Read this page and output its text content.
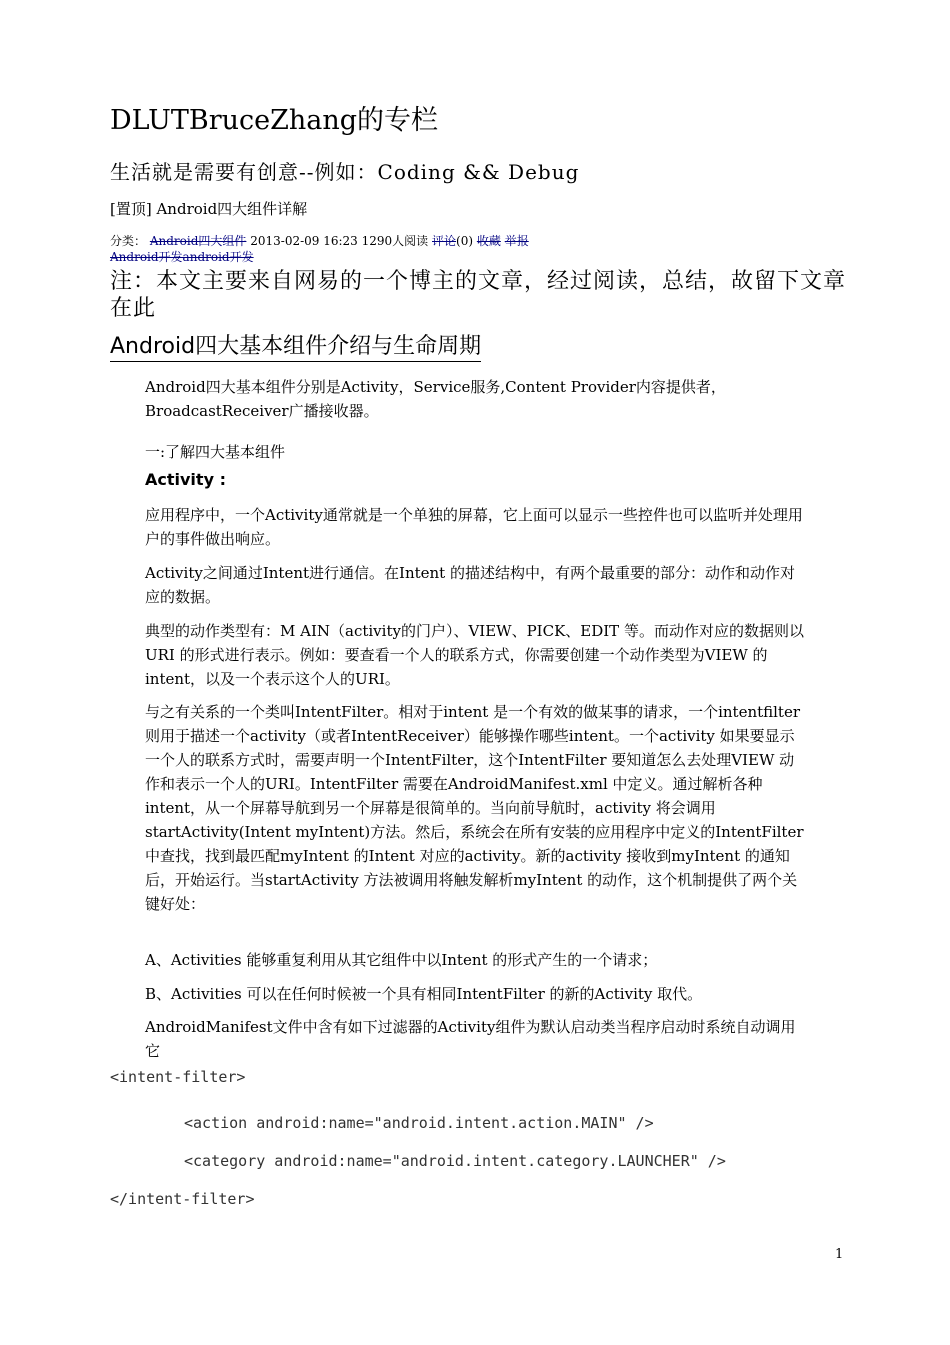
DLUTBruceZhang的专栏
生活就是需要有创意--例如：Coding && Debug
[置顶] Android四大组件详解
分类： Android四大组件 2013-02-09 16:23 1290人阅读 评论(0) 收藏 举报
Android开发android开发
注：本文主要来自网易的一个博主的文章，经过阅读，总结，故留下文章在此
Android四大基本组件介绍与生命周期
Android四大基本组件分别是Activity，Service服务,Content Provider内容提供者，BroadcastReceiver广播接收器。
一:了解四大基本组件
Activity :
应用程序中，一个Activity通常就是一个单独的屏幕，它上面可以显示一些控件也可以监听并处理用户的事件做出响应。
Activity之间通过Intent进行通信。在Intent 的描述结构中，有两个最重要的部分：动作和动作对应的数据。
典型的动作类型有：M AIN（activity的门户）、VIEW、PICK、EDIT 等。而动作对应的数据则以URI 的形式进行表示。例如：要查看一个人的联系方式，你需要创建一个动作类型为VIEW 的intent，以及一个表示这个人的URI。
与之有关系的一个类叫IntentFilter。相对于intent 是一个有效的做某事的请求，一个intentfilter 则用于描述一个activity（或者IntentReceiver）能够操作哪些intent。一个activity 如果要显示一个人的联系方式时，需要声明一个IntentFilter，这个IntentFilter 要知道怎么去处理VIEW 动作和表示一个人的URI。IntentFilter 需要在AndroidManifest.xml 中定义。通过解析各种intent，从一个屏幕导航到另一个屏幕是很简单的。当向前导航时，activity 将会调用startActivity(Intent myIntent)方法。然后，系统会在所有安装的应用程序中定义的IntentFilter 中查找，找到最匹配myIntent 的Intent 对应的activity。新的activity 接收到myIntent 的通知后，开始运行。当startActivity 方法被调用将触发解析myIntent 的动作，这个机制提供了两个关键好处：
A、Activities 能够重复利用从其它组件中以Intent 的形式产生的一个请求；
B、Activities 可以在任何时候被一个具有相同IntentFilter 的新的Activity 取代。
AndroidManifest文件中含有如下过滤器的Activity组件为默认启动类当程序启动时系统自动调用它
<intent-filter>
<action android:name="android.intent.action.MAIN" />
<category android:name="android.intent.category.LAUNCHER" />
</intent-filter>
1
